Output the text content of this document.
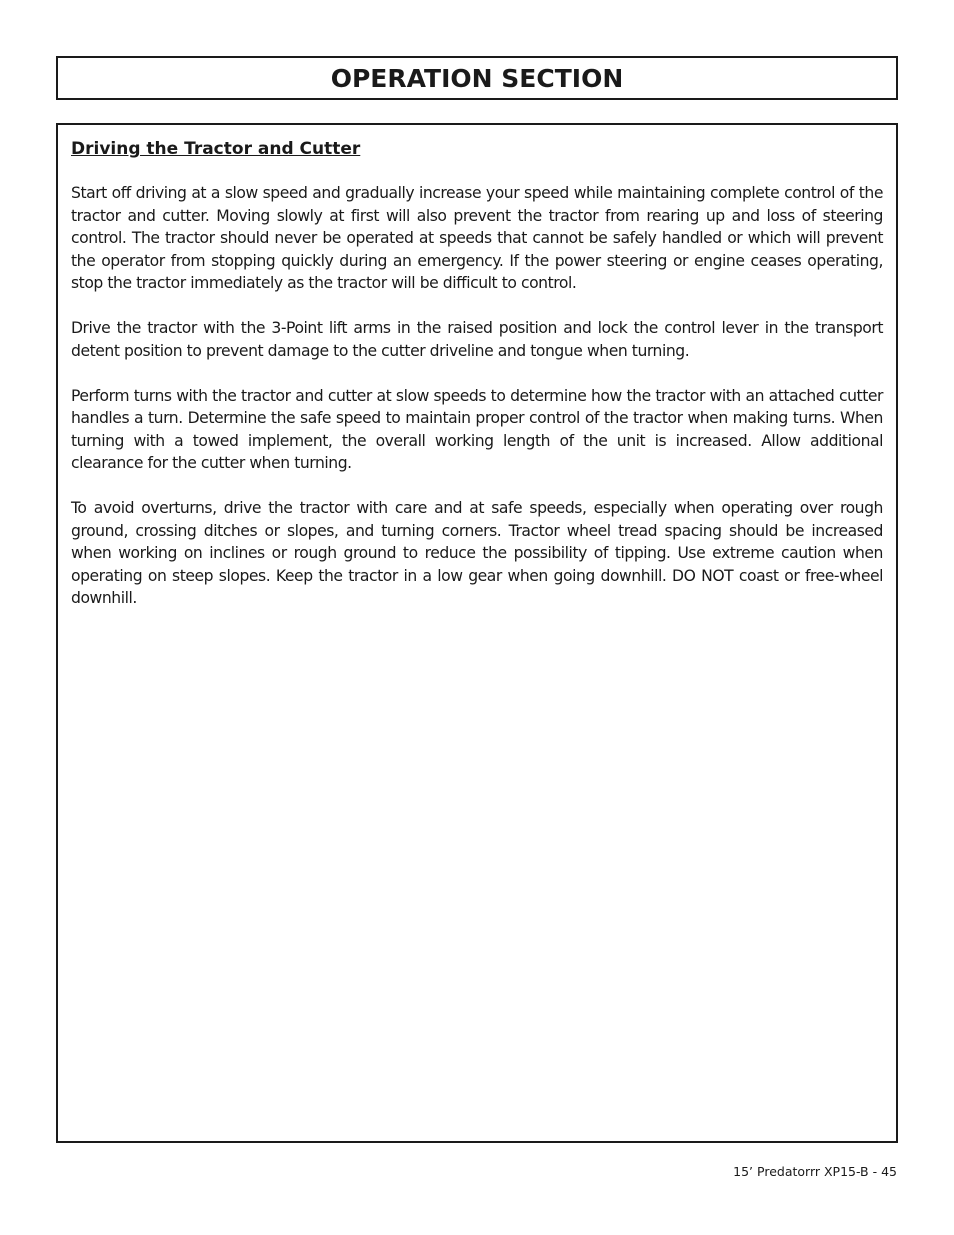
OPERATION SECTION
Driving the Tractor and Cutter

Start off driving at a slow speed and gradually increase your speed while maintaining complete control of the tractor and cutter. Moving slowly at first will also prevent the tractor from rearing up and loss of steering control. The tractor should never be operated at speeds that cannot be safely handled or which will prevent the operator from stopping quickly during an emergency. If the power steering or engine ceases operating, stop the tractor immediately as the tractor will be difficult to control.

Drive the tractor with the 3-Point lift arms in the raised position and lock the control lever in the transport detent position to prevent damage to the cutter driveline and tongue when turning.

Perform turns with the tractor and cutter at slow speeds to determine how the tractor with an attached cutter handles a turn. Determine the safe speed to maintain proper control of the tractor when making turns. When turning with a towed implement, the overall working length of the unit is increased. Allow additional clearance for the cutter when turning.

To avoid overturns, drive the tractor with care and at safe speeds, especially when operating over rough ground, crossing ditches or slopes, and turning corners. Tractor wheel tread spacing should be increased when working on inclines or rough ground to reduce the possibility of tipping. Use extreme caution when operating on steep slopes. Keep the tractor in a low gear when going downhill. DO NOT coast or free-wheel downhill.

15’ Predatorrr XP15-B - 45
